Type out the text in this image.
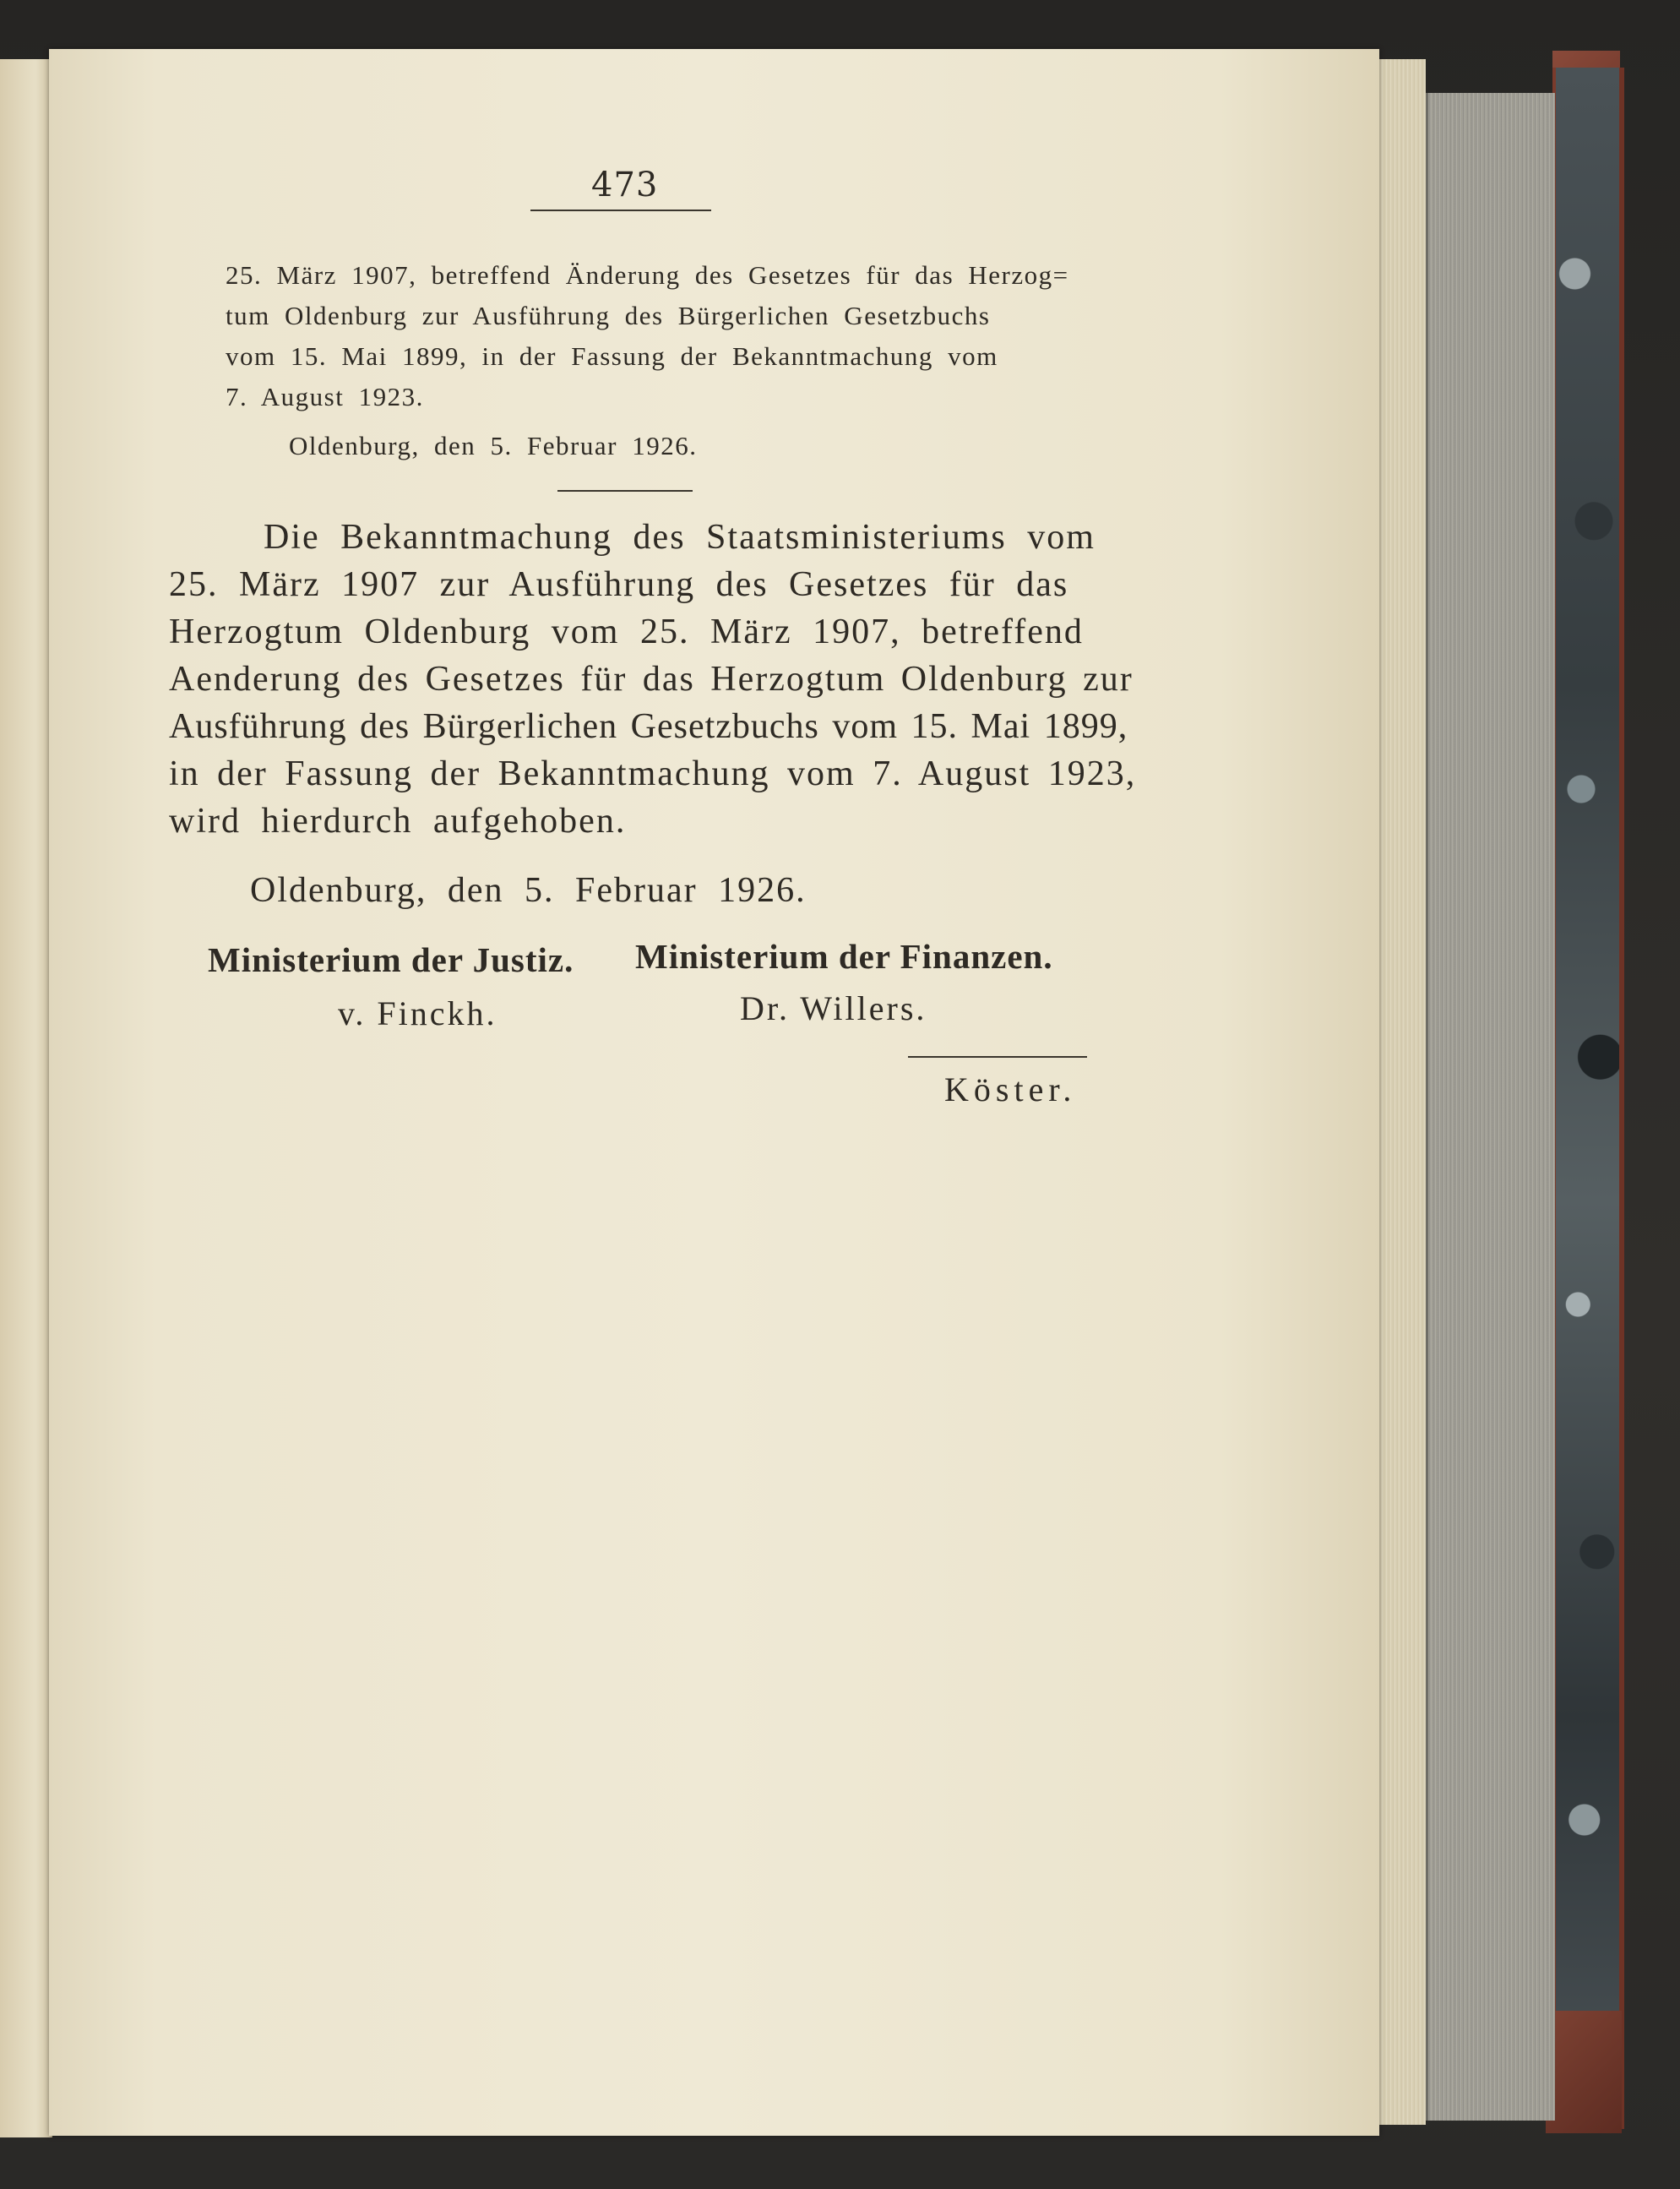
473
25. März 1907, betreffend Änderung des Gesetzes für das Herzog=
tum Oldenburg zur Ausführung des Bürgerlichen Gesetzbuchs
vom 15. Mai 1899, in der Fassung der Bekanntmachung vom
7. August 1923.
Oldenburg, den 5. Februar 1926.
Die Bekanntmachung des Staatsministeriums vom
25. März 1907 zur Ausführung des Gesetzes für das
Herzogtum Oldenburg vom 25. März 1907, betreffend
Aenderung des Gesetzes für das Herzogtum Oldenburg zur
Ausführung des Bürgerlichen Gesetzbuchs vom 15. Mai 1899,
in der Fassung der Bekanntmachung vom 7. August 1923,
wird hierdurch aufgehoben.
Oldenburg, den 5. Februar 1926.
Ministerium der Justiz. Ministerium der Finanzen.
v. Finckh.	Dr. Willers.
Köster.
